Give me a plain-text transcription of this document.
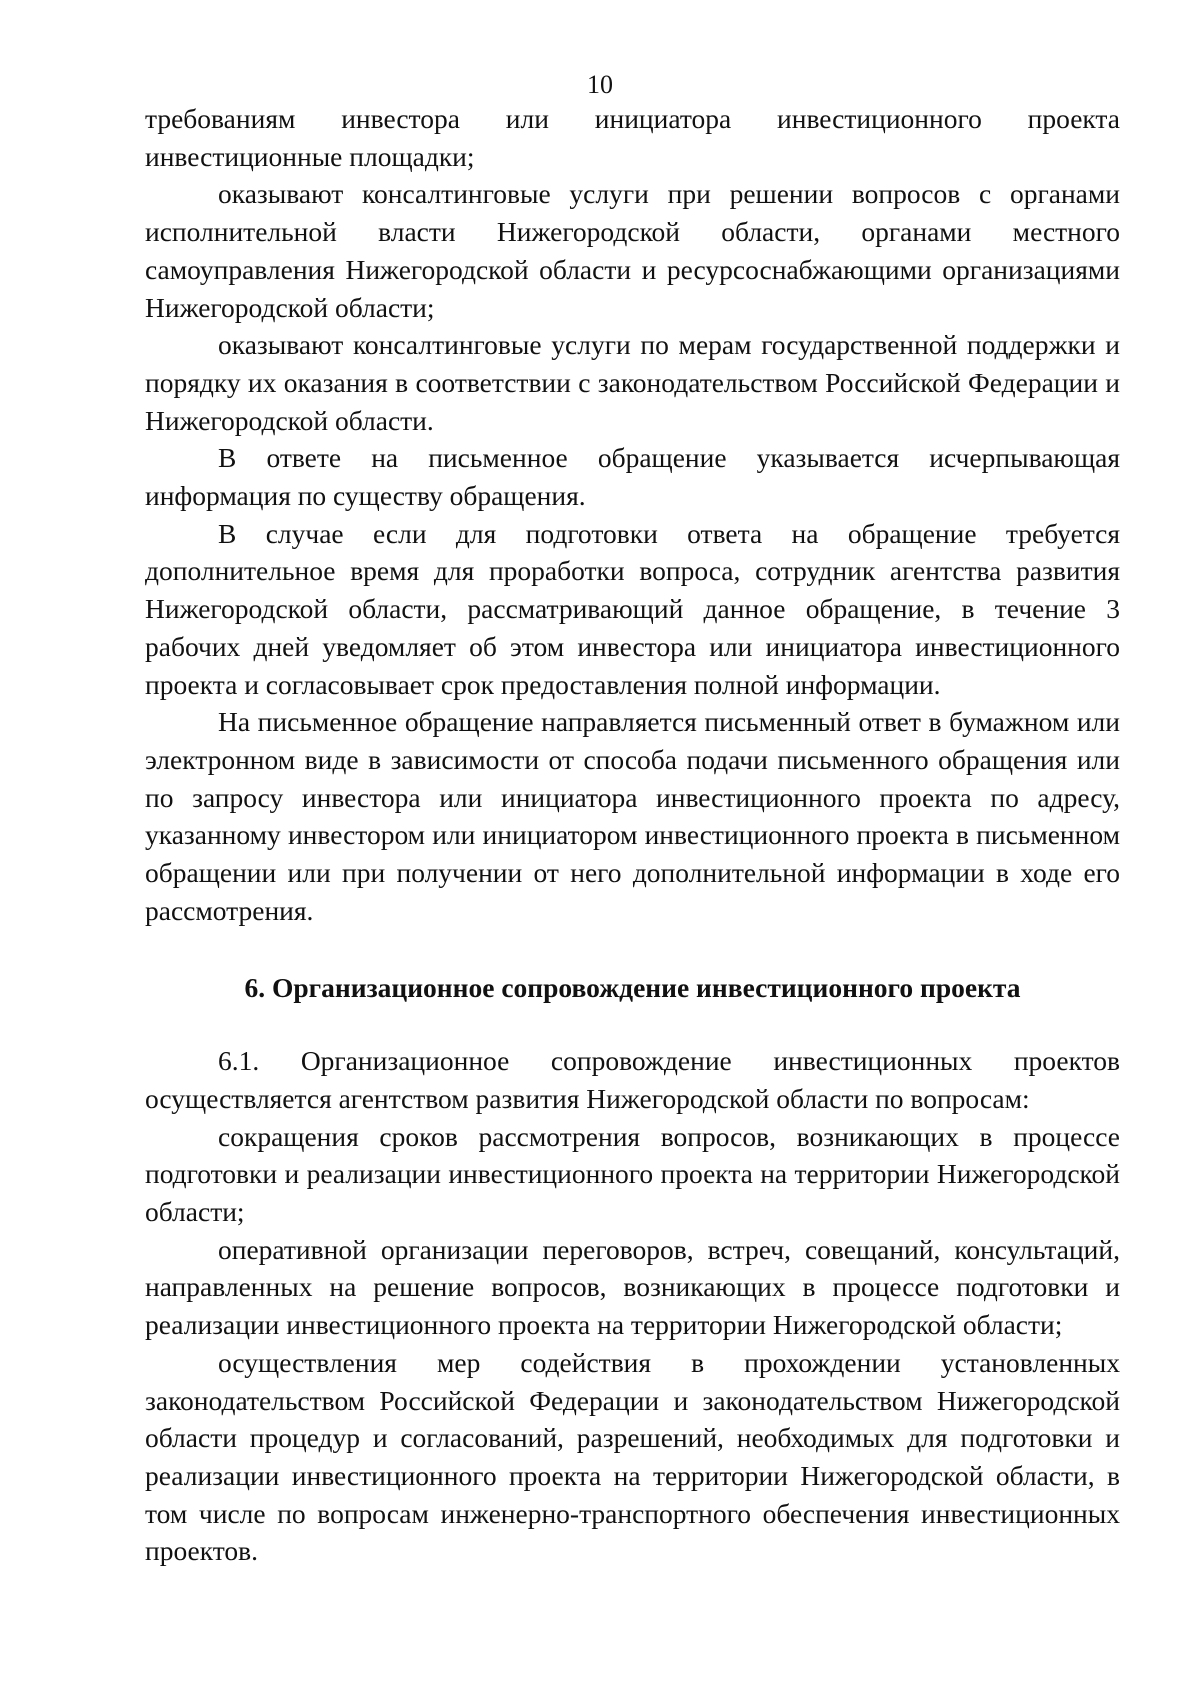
10

требованиям инвестора или инициатора инвестиционного проекта инвестиционные площадки;

оказывают консалтинговые услуги при решении вопросов с органами исполнительной власти Нижегородской области, органами местного самоуправления Нижегородской области и ресурсоснабжающими организациями Нижегородской области;

оказывают консалтинговые услуги по мерам государственной поддержки и порядку их оказания в соответствии с законодательством Российской Федерации и Нижегородской области.

В ответе на письменное обращение указывается исчерпывающая информация по существу обращения.

В случае если для подготовки ответа на обращение требуется дополнительное время для проработки вопроса, сотрудник агентства развития Нижегородской области, рассматривающий данное обращение, в течение 3 рабочих дней уведомляет об этом инвестора или инициатора инвестиционного проекта и согласовывает срок предоставления полной информации.

На письменное обращение направляется письменный ответ в бумажном или электронном виде в зависимости от способа подачи письменного обращения или по запросу инвестора или инициатора инвестиционного проекта по адресу, указанному инвестором или инициатором инвестиционного проекта в письменном обращении или при получении от него дополнительной информации в ходе его рассмотрения.

6. Организационное сопровождение инвестиционного проекта

6.1. Организационное сопровождение инвестиционных проектов осуществляется агентством развития Нижегородской области по вопросам:

сокращения сроков рассмотрения вопросов, возникающих в процессе подготовки и реализации инвестиционного проекта на территории Нижегородской области;

оперативной организации переговоров, встреч, совещаний, консультаций, направленных на решение вопросов, возникающих в процессе подготовки и реализации инвестиционного проекта на территории Нижегородской области;

осуществления мер содействия в прохождении установленных законодательством Российской Федерации и законодательством Нижегородской области процедур и согласований, разрешений, необходимых для подготовки и реализации инвестиционного проекта на территории Нижегородской области, в том числе по вопросам инженерно-транспортного обеспечения инвестиционных проектов.
